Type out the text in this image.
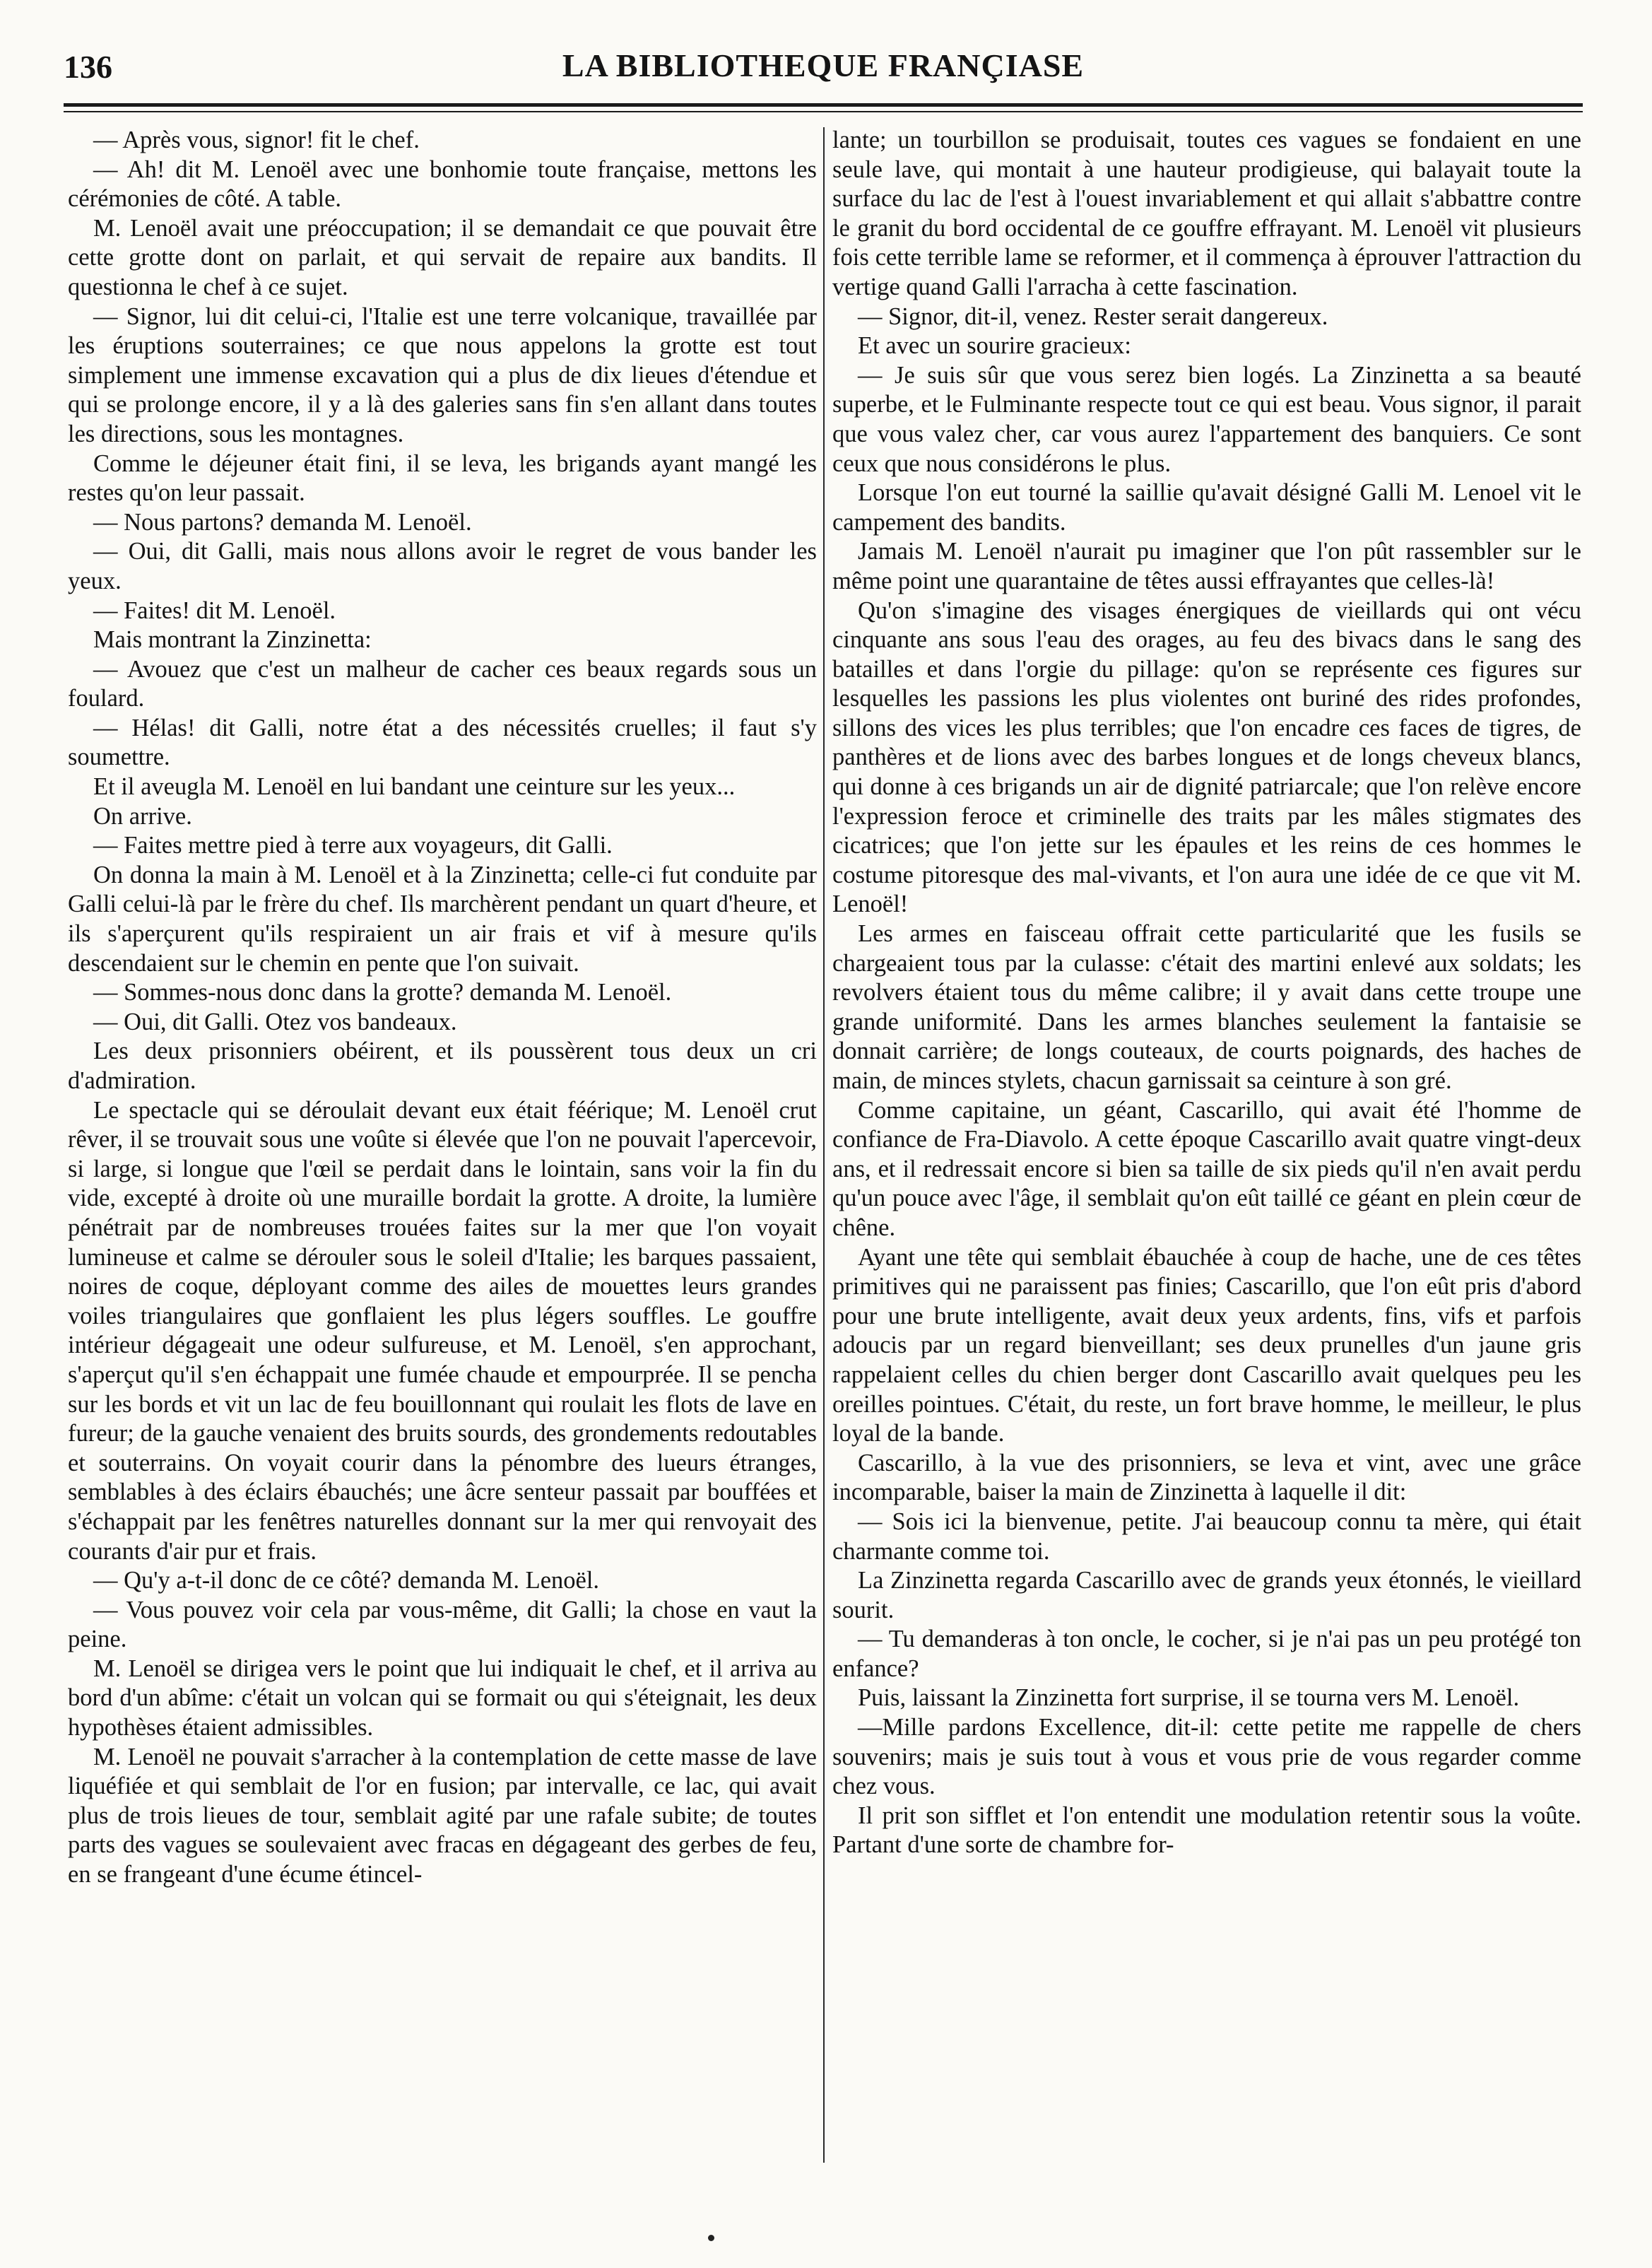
136	LA BIBLIOTHEQUE FRANÇIASE

— Après vous, signor! fit le chef.

— Ah! dit M. Lenoël avec une bonhomie toute française, mettons les cérémonies de côté. A table.

M. Lenoël avait une préoccupation; il se demandait ce que pouvait être cette grotte dont on parlait, et qui servait de repaire aux bandits. Il questionna le chef à ce sujet.

— Signor, lui dit celui-ci, l'Italie est une terre volcanique, travaillée par les éruptions souterraines; ce que nous appelons la grotte est tout simplement une immense excavation qui a plus de dix lieues d'étendue et qui se prolonge encore, il y a là des galeries sans fin s'en allant dans toutes les directions, sous les montagnes.

Comme le déjeuner était fini, il se leva, les brigands ayant mangé les restes qu'on leur passait.

— Nous partons? demanda M. Lenoël.

— Oui, dit Galli, mais nous allons avoir le regret de vous bander les yeux.

— Faites! dit M. Lenoël.

Mais montrant la Zinzinetta:

— Avouez que c'est un malheur de cacher ces beaux regards sous un foulard.

— Hélas! dit Galli, notre état a des nécessités cruelles; il faut s'y soumettre.

Et il aveugla M. Lenoël en lui bandant une ceinture sur les yeux...

On arrive.

— Faites mettre pied à terre aux voyageurs, dit Galli.

On donna la main à M. Lenoël et à la Zinzinetta; celle-ci fut conduite par Galli celui-là par le frère du chef. Ils marchèrent pendant un quart d'heure, et ils s'aperçurent qu'ils respiraient un air frais et vif à mesure qu'ils descendaient sur le chemin en pente que l'on suivait.

— Sommes-nous donc dans la grotte? demanda M. Lenoël.

— Oui, dit Galli. Otez vos bandeaux.

Les deux prisonniers obéirent, et ils poussèrent tous deux un cri d'admiration.

Le spectacle qui se déroulait devant eux était féérique; M. Lenoël crut rêver, il se trouvait sous une voûte si élevée que l'on ne pouvait l'apercevoir, si large, si longue que l'œil se perdait dans le lointain, sans voir la fin du vide, excepté à droite où une muraille bordait la grotte. A droite, la lumière pénétrait par de nombreuses trouées faites sur la mer que l'on voyait lumineuse et calme se dérouler sous le soleil d'Italie; les barques passaient, noires de coque, déployant comme des ailes de mouettes leurs grandes voiles triangulaires que gonflaient les plus légers souffles. Le gouffre intérieur dégageait une odeur sulfureuse, et M. Lenoël, s'en approchant, s'aperçut qu'il s'en échappait une fumée chaude et empourprée. Il se pencha sur les bords et vit un lac de feu bouillonnant qui roulait les flots de lave en fureur; de la gauche venaient des bruits sourds, des grondements redoutables et souterrains. On voyait courir dans la pénombre des lueurs étranges, semblables à des éclairs ébauchés; une âcre senteur passait par bouffées et s'échappait par les fenêtres naturelles donnant sur la mer qui renvoyait des courants d'air pur et frais.

— Qu'y a-t-il donc de ce côté? demanda M. Lenoël.

— Vous pouvez voir cela par vous-même, dit Galli; la chose en vaut la peine.

M. Lenoël se dirigea vers le point que lui indiquait le chef, et il arriva au bord d'un abîme: c'était un volcan qui se formait ou qui s'éteignait, les deux hypothèses étaient admissibles.

M. Lenoël ne pouvait s'arracher à la contemplation de cette masse de lave liquéfiée et qui semblait de l'or en fusion; par intervalle, ce lac, qui avait plus de trois lieues de tour, semblait agité par une rafale subite; de toutes parts des vagues se soulevaient avec fracas en dégageant des gerbes de feu, en se frangeant d'une écume étincel-

lante; un tourbillon se produisait, toutes ces vagues se fondaient en une seule lave, qui montait à une hauteur prodigieuse, qui balayait toute la surface du lac de l'est à l'ouest invariablement et qui allait s'abbattre contre le granit du bord occidental de ce gouffre effrayant. M. Lenoël vit plusieurs fois cette terrible lame se reformer, et il commença à éprouver l'attraction du vertige quand Galli l'arracha à cette fascination.

— Signor, dit-il, venez. Rester serait dangereux.

Et avec un sourire gracieux:

— Je suis sûr que vous serez bien logés. La Zinzinetta a sa beauté superbe, et le Fulminante respecte tout ce qui est beau. Vous signor, il parait que vous valez cher, car vous aurez l'appartement des banquiers. Ce sont ceux que nous considérons le plus.

Lorsque l'on eut tourné la saillie qu'avait désigné Galli M. Lenoel vit le campement des bandits.

Jamais M. Lenoël n'aurait pu imaginer que l'on pût rassembler sur le même point une quarantaine de têtes aussi effrayantes que celles-là!

Qu'on s'imagine des visages énergiques de vieillards qui ont vécu cinquante ans sous l'eau des orages, au feu des bivacs dans le sang des batailles et dans l'orgie du pillage: qu'on se représente ces figures sur lesquelles les passions les plus violentes ont buriné des rides profondes, sillons des vices les plus terribles; que l'on encadre ces faces de tigres, de panthères et de lions avec des barbes longues et de longs cheveux blancs, qui donne à ces brigands un air de dignité patriarcale; que l'on relève encore l'expression feroce et criminelle des traits par les mâles stigmates des cicatrices; que l'on jette sur les épaules et les reins de ces hommes le costume pitoresque des mal-vivants, et l'on aura une idée de ce que vit M. Lenoël!

Les armes en faisceau offrait cette particularité que les fusils se chargeaient tous par la culasse: c'était des martini enlevé aux soldats; les revolvers étaient tous du même calibre; il y avait dans cette troupe une grande uniformité. Dans les armes blanches seulement la fantaisie se donnait carrière; de longs couteaux, de courts poignards, des haches de main, de minces stylets, chacun garnissait sa ceinture à son gré.

Comme capitaine, un géant, Cascarillo, qui avait été l'homme de confiance de Fra-Diavolo. A cette époque Cascarillo avait quatre vingt-deux ans, et il redressait encore si bien sa taille de six pieds qu'il n'en avait perdu qu'un pouce avec l'âge, il semblait qu'on eût taillé ce géant en plein cœur de chêne.

Ayant une tête qui semblait ébauchée à coup de hache, une de ces têtes primitives qui ne paraissent pas finies; Cascarillo, que l'on eût pris d'abord pour une brute intelligente, avait deux yeux ardents, fins, vifs et parfois adoucis par un regard bienveillant; ses deux prunelles d'un jaune gris rappelaient celles du chien berger dont Cascarillo avait quelques peu les oreilles pointues. C'était, du reste, un fort brave homme, le meilleur, le plus loyal de la bande.

Cascarillo, à la vue des prisonniers, se leva et vint, avec une grâce incomparable, baiser la main de Zinzinetta à laquelle il dit:

— Sois ici la bienvenue, petite. J'ai beaucoup connu ta mère, qui était charmante comme toi.

La Zinzinetta regarda Cascarillo avec de grands yeux étonnés, le vieillard sourit.

— Tu demanderas à ton oncle, le cocher, si je n'ai pas un peu protégé ton enfance?

Puis, laissant la Zinzinetta fort surprise, il se tourna vers M. Lenoël.

—Mille pardons Excellence, dit-il: cette petite me rappelle de chers souvenirs; mais je suis tout à vous et vous prie de vous regarder comme chez vous.

Il prit son sifflet et l'on entendit une modulation retentir sous la voûte. Partant d'une sorte de chambre for-
